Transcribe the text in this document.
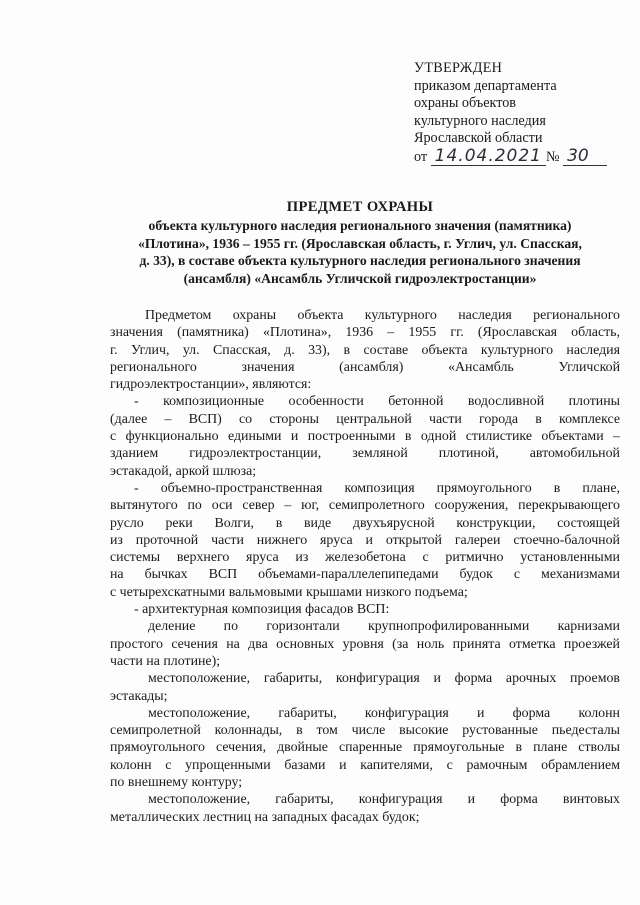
УТВЕРЖДЕН
приказом департамента
охраны объектов
культурного наследия
Ярославской области
от 14.04.2021 № 30
ПРЕДМЕТ ОХРАНЫ
объекта культурного наследия регионального значения (памятника)
«Плотина», 1936 – 1955 гг. (Ярославская область, г. Углич, ул. Спасская,
д. 33), в составе объекта культурного наследия регионального значения
(ансамбля) «Ансамбль Угличской гидроэлектростанции»
Предметом охраны объекта культурного наследия регионального
значения (памятника) «Плотина», 1936 – 1955 гг. (Ярославская область,
г. Углич, ул. Спасская, д. 33), в составе объекта культурного наследия
регионального значения (ансамбля) «Ансамбль Угличской
гидроэлектростанции», являются:
- композиционные особенности бетонной водосливной плотины
(далее – ВСП) со стороны центральной части города в комплексе
с функционально едиными и построенными в одной стилистике объектами –
зданием гидроэлектростанции, земляной плотиной, автомобильной
эстакадой, аркой шлюза;
- объемно-пространственная композиция прямоугольного в плане,
вытянутого по оси север – юг, семипролетного сооружения, перекрывающего
русло реки Волги, в виде двухъярусной конструкции, состоящей
из проточной части нижнего яруса и открытой галереи стоечно-балочной
системы верхнего яруса из железобетона с ритмично установленными
на бычках ВСП объемами-параллелепипедами будок с механизмами
с четырехскатными вальмовыми крышами низкого подъема;
- архитектурная композиция фасадов ВСП:
деление по горизонтали крупнопрофилированными карнизами
простого сечения на два основных уровня (за ноль принята отметка проезжей
части на плотине);
местоположение, габариты, конфигурация и форма арочных проемов
эстакады;
местоположение, габариты, конфигурация и форма колонн
семипролетной колоннады, в том числе высокие рустованные пьедесталы
прямоугольного сечения, двойные спаренные прямоугольные в плане стволы
колонн с упрощенными базами и капителями, с рамочным обрамлением
по внешнему контуру;
местоположение, габариты, конфигурация и форма винтовых
металлических лестниц на западных фасадах будок;
